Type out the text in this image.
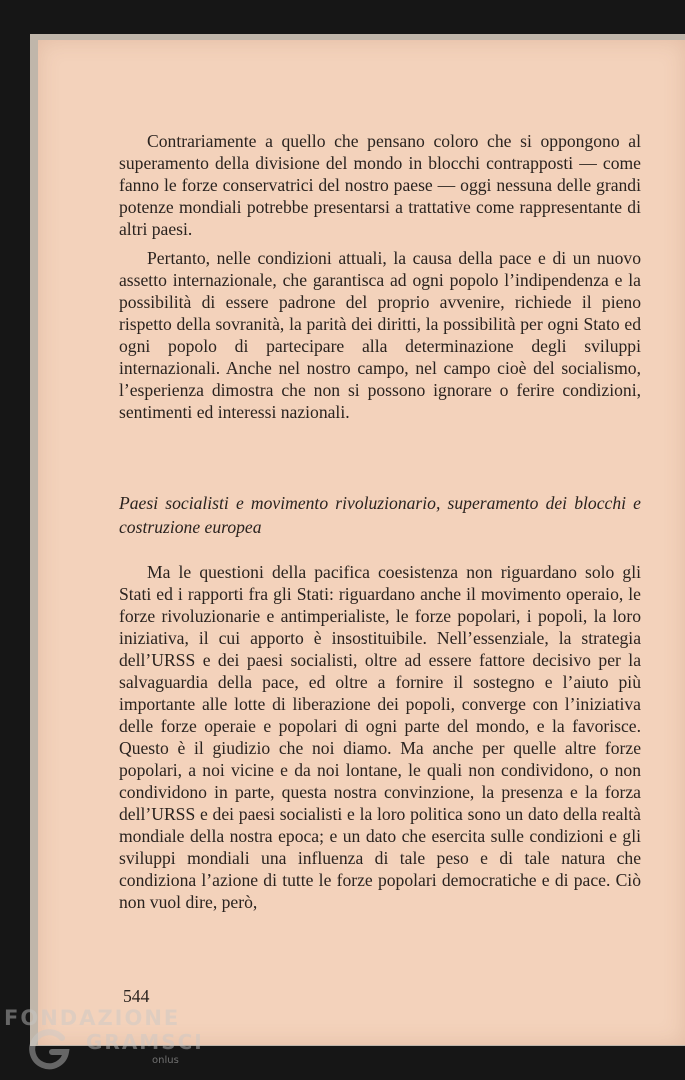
Contrariamente a quello che pensano coloro che si oppongono al superamento della divisione del mondo in blocchi contrapposti — come fanno le forze conservatrici del nostro paese — oggi nessuna delle grandi potenze mondiali potrebbe presentarsi a trattative come rappresentante di altri paesi.

Pertanto, nelle condizioni attuali, la causa della pace e di un nuovo assetto internazionale, che garantisca ad ogni popolo l’indipendenza e la possibilità di essere padrone del proprio avvenire, richiede il pieno rispetto della sovranità, la parità dei diritti, la possibilità per ogni Stato ed ogni popolo di partecipare alla determinazione degli sviluppi internazionali. Anche nel nostro campo, nel campo cioè del socialismo, l’esperienza dimostra che non si possono ignorare o ferire condizioni, sentimenti ed interessi nazionali.

Paesi socialisti e movimento rivoluzionario, superamento dei blocchi e costruzione europea

Ma le questioni della pacifica coesistenza non riguardano solo gli Stati ed i rapporti fra gli Stati: riguardano anche il movimento operaio, le forze rivoluzionarie e antimperialiste, le forze popolari, i popoli, la loro iniziativa, il cui apporto è insostituibile. Nell’essenziale, la strategia dell’URSS e dei paesi socialisti, oltre ad essere fattore decisivo per la salvaguardia della pace, ed oltre a fornire il sostegno e l’aiuto più importante alle lotte di liberazione dei popoli, converge con l’iniziativa delle forze operaie e popolari di ogni parte del mondo, e la favorisce. Questo è il giudizio che noi diamo. Ma anche per quelle altre forze popolari, a noi vicine e da noi lontane, le quali non condividono, o non condividono in parte, questa nostra convinzione, la presenza e la forza dell’URSS e dei paesi socialisti e la loro politica sono un dato della realtà mondiale della nostra epoca; e un dato che esercita sulle condizioni e gli sviluppi mondiali una influenza di tale peso e di tale natura che condiziona l’azione di tutte le forze popolari democratiche e di pace. Ciò non vuol dire, però,

544
FONDAZIONE
GRAMSCI
onlus
